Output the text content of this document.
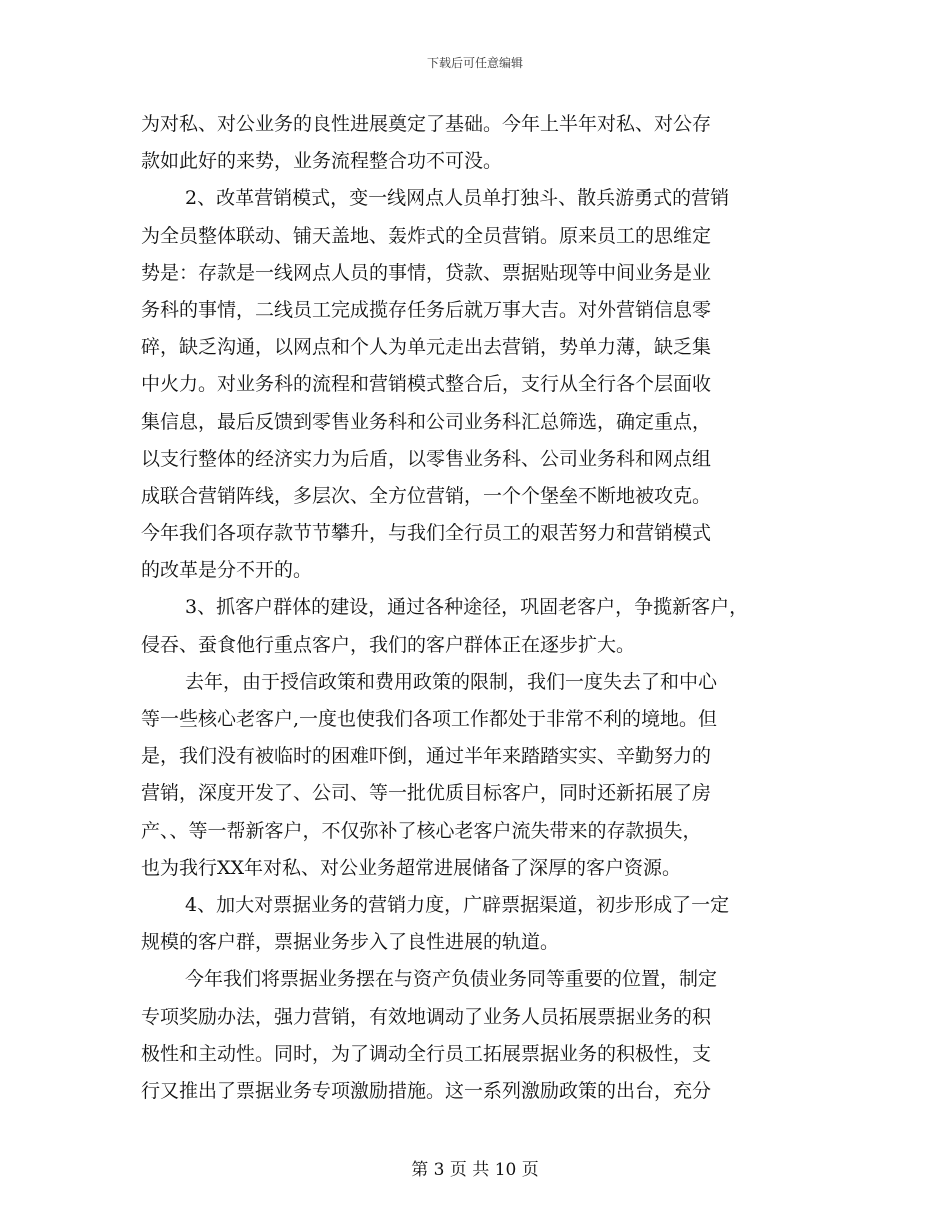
下载后可任意编辑
为对私、对公业务的良性进展奠定了基础。今年上半年对私、对公存
款如此好的来势，业务流程整合功不可没。
2、改革营销模式，变一线网点人员单打独斗、散兵游勇式的营销
为全员整体联动、铺天盖地、轰炸式的全员营销。原来员工的思维定
势是：存款是一线网点人员的事情，贷款、票据贴现等中间业务是业
务科的事情，二线员工完成揽存任务后就万事大吉。对外营销信息零
碎，缺乏沟通，以网点和个人为单元走出去营销，势单力薄，缺乏集
中火力。对业务科的流程和营销模式整合后，支行从全行各个层面收
集信息，最后反馈到零售业务科和公司业务科汇总筛选，确定重点，
以支行整体的经济实力为后盾，以零售业务科、公司业务科和网点组
成联合营销阵线，多层次、全方位营销，一个个堡垒不断地被攻克。
今年我们各项存款节节攀升，与我们全行员工的艰苦努力和营销模式
的改革是分不开的。
3、抓客户群体的建设，通过各种途径，巩固老客户，争揽新客户，
侵吞、蚕食他行重点客户，我们的客户群体正在逐步扩大。
去年，由于授信政策和费用政策的限制，我们一度失去了和中心
等一些核心老客户,一度也使我们各项工作都处于非常不利的境地。但
是，我们没有被临时的困难吓倒，通过半年来踏踏实实、辛勤努力的
营销，深度开发了、公司、等一批优质目标客户，同时还新拓展了房
产、、等一帮新客户，不仅弥补了核心老客户流失带来的存款损失，
也为我行XX年对私、对公业务超常进展储备了深厚的客户资源。
4、加大对票据业务的营销力度，广辟票据渠道，初步形成了一定
规模的客户群，票据业务步入了良性进展的轨道。
今年我们将票据业务摆在与资产负债业务同等重要的位置，制定
专项奖励办法，强力营销，有效地调动了业务人员拓展票据业务的积
极性和主动性。同时，为了调动全行员工拓展票据业务的积极性，支
行又推出了票据业务专项激励措施。这一系列激励政策的出台，充分
第 3 页 共 10 页
